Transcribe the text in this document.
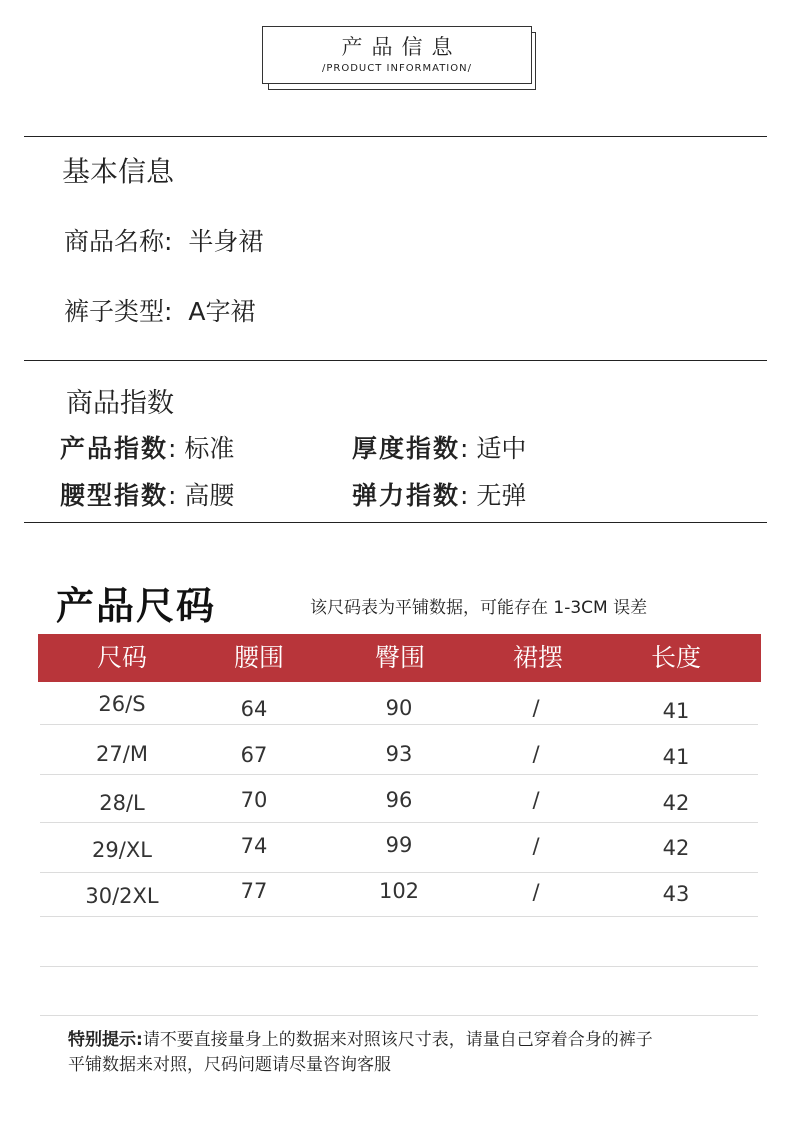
产品信息
/PRODUCT INFORMATION/
基本信息
商品名称: 半身裙
裤子类型: A字裙
商品指数
产品指数: 标准	厚度指数: 适中
腰型指数: 高腰	弹力指数: 无弹
产品尺码	该尺码表为平铺数据，可能存在 1-3CM 误差
尺码	腰围	臀围	裙摆	长度
26/S	64	90	/	41
27/M	67	93	/	41
28/L	70	96	/	42
29/XL	74	99	/	42
30/2XL	77	102	/	43
特别提示:请不要直接量身上的数据来对照该尺寸表，请量自己穿着合身的裤子
平铺数据来对照，尺码问题请尽量咨询客服
